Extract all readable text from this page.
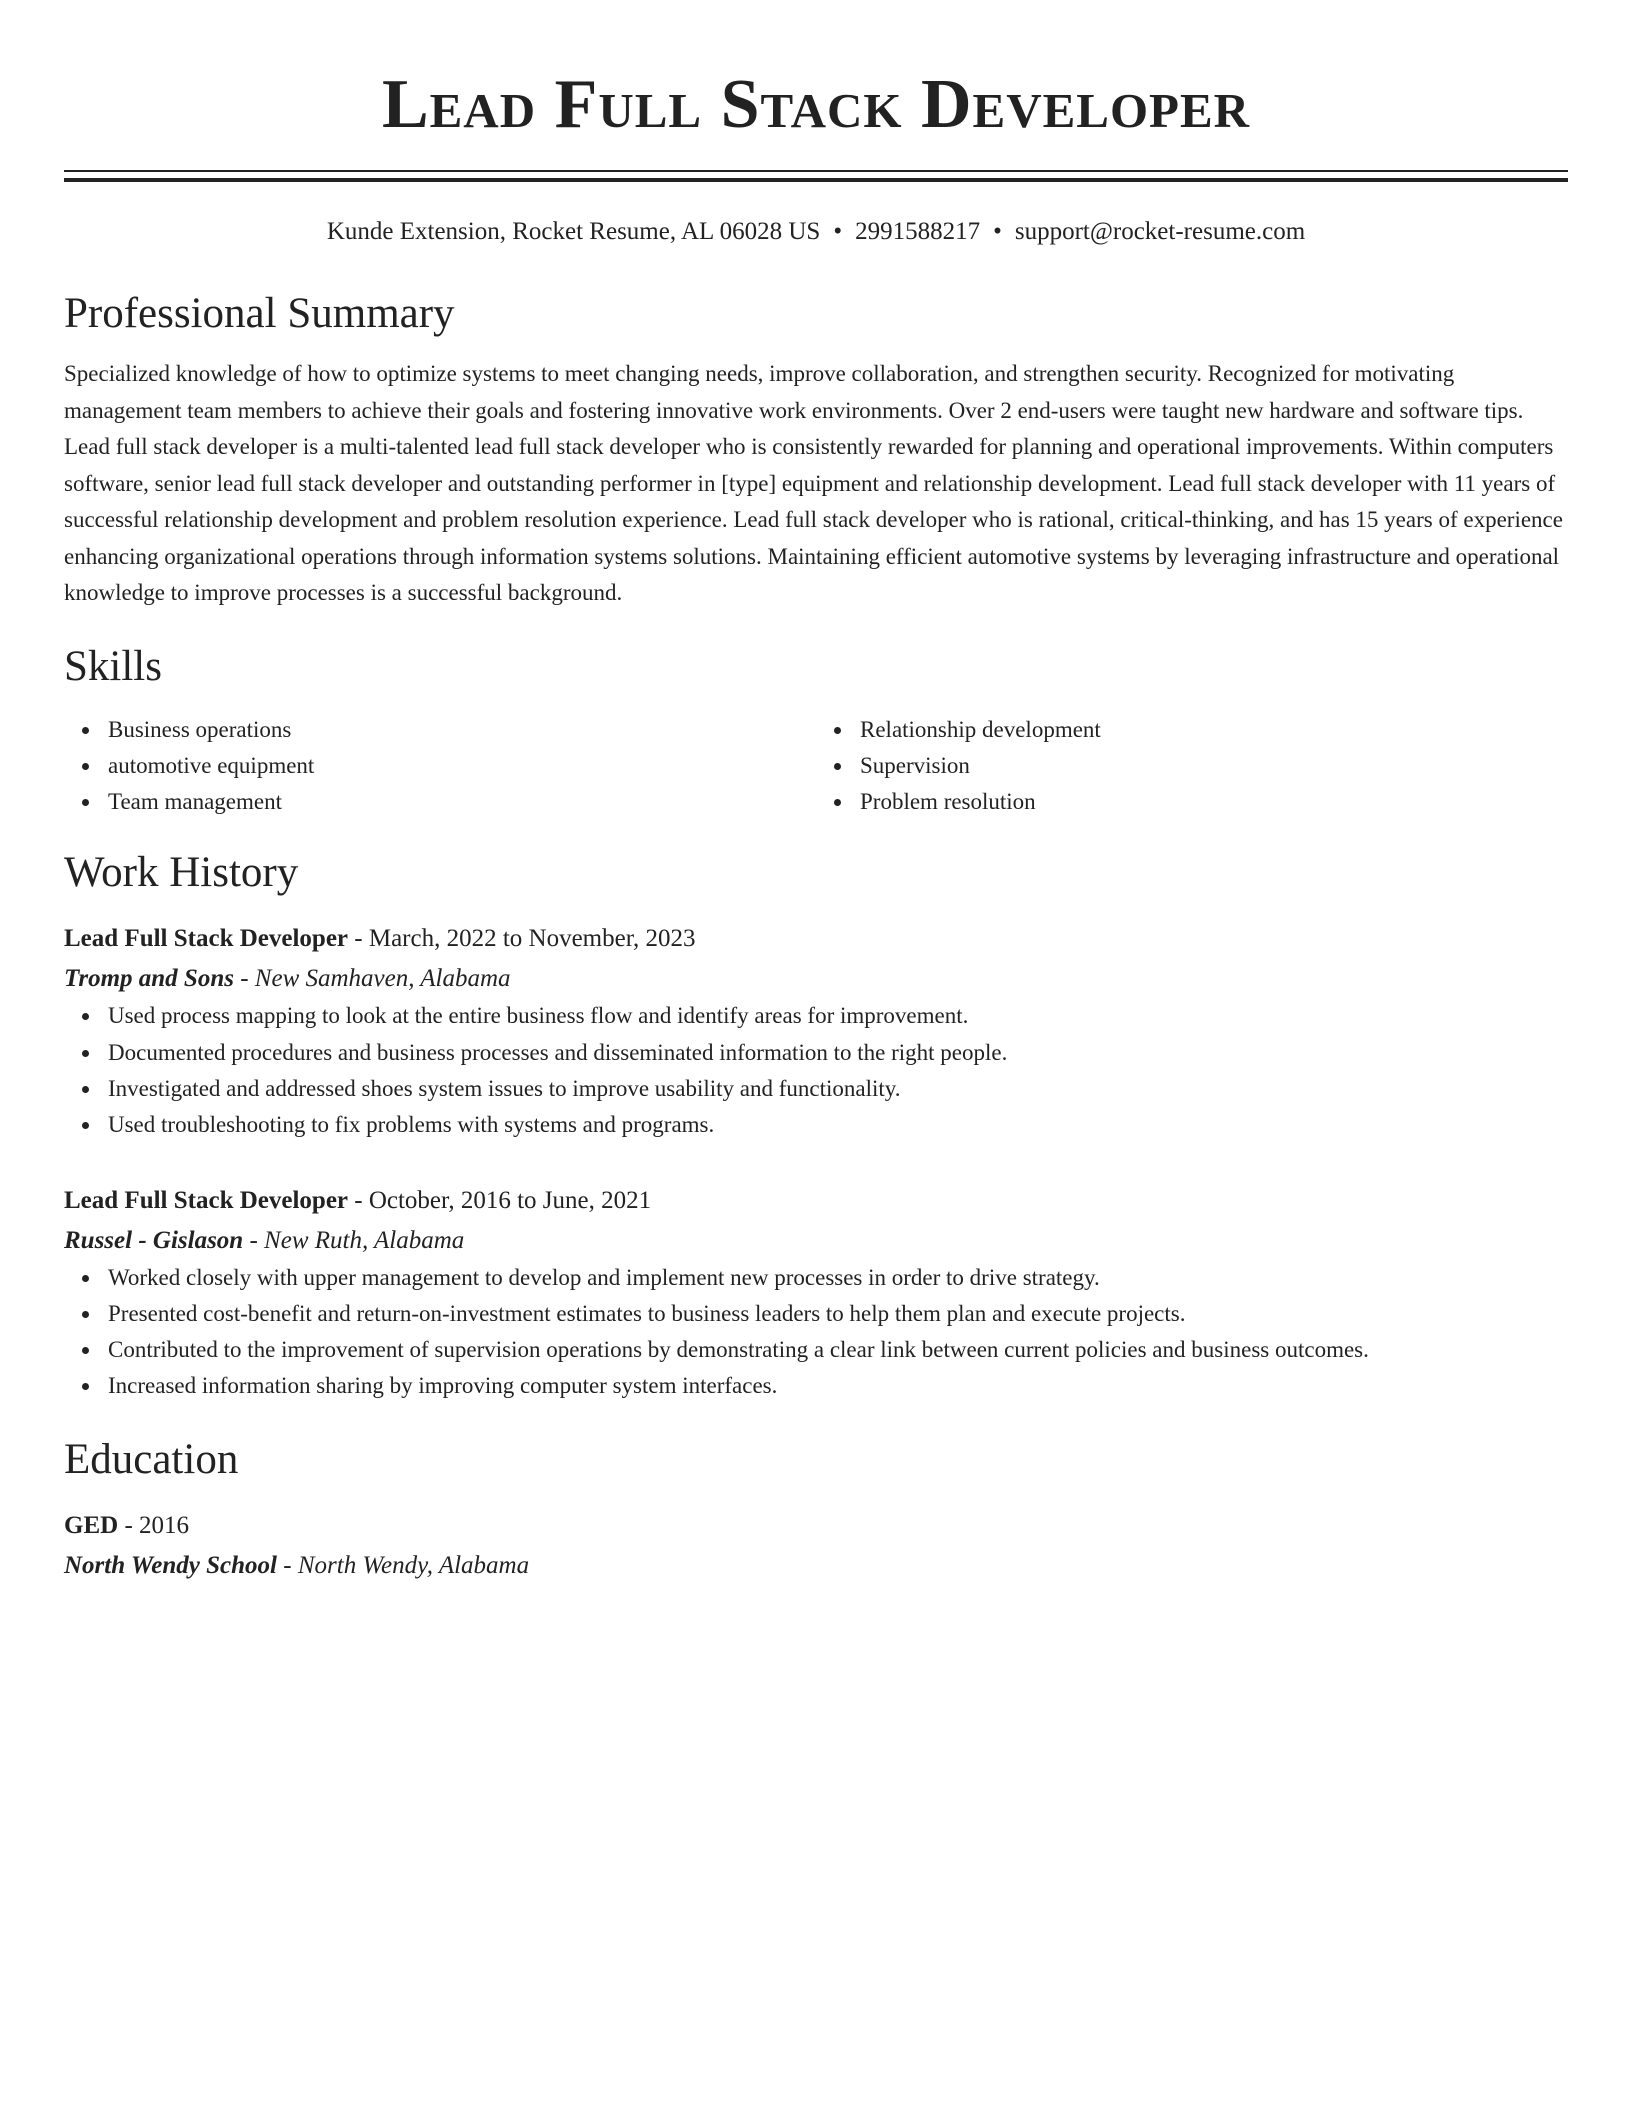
Lead Full Stack Developer
Kunde Extension, Rocket Resume, AL 06028 US • 2991588217 • support@rocket-resume.com
Professional Summary
Specialized knowledge of how to optimize systems to meet changing needs, improve collaboration, and strengthen security. Recognized for motivating management team members to achieve their goals and fostering innovative work environments. Over 2 end-users were taught new hardware and software tips. Lead full stack developer is a multi-talented lead full stack developer who is consistently rewarded for planning and operational improvements. Within computers software, senior lead full stack developer and outstanding performer in [type] equipment and relationship development. Lead full stack developer with 11 years of successful relationship development and problem resolution experience. Lead full stack developer who is rational, critical-thinking, and has 15 years of experience enhancing organizational operations through information systems solutions. Maintaining efficient automotive systems by leveraging infrastructure and operational knowledge to improve processes is a successful background.
Skills
Business operations
automotive equipment
Team management
Relationship development
Supervision
Problem resolution
Work History
Lead Full Stack Developer - March, 2022 to November, 2023
Tromp and Sons - New Samhaven, Alabama
Used process mapping to look at the entire business flow and identify areas for improvement.
Documented procedures and business processes and disseminated information to the right people.
Investigated and addressed shoes system issues to improve usability and functionality.
Used troubleshooting to fix problems with systems and programs.
Lead Full Stack Developer - October, 2016 to June, 2021
Russel - Gislason - New Ruth, Alabama
Worked closely with upper management to develop and implement new processes in order to drive strategy.
Presented cost-benefit and return-on-investment estimates to business leaders to help them plan and execute projects.
Contributed to the improvement of supervision operations by demonstrating a clear link between current policies and business outcomes.
Increased information sharing by improving computer system interfaces.
Education
GED - 2016
North Wendy School - North Wendy, Alabama
